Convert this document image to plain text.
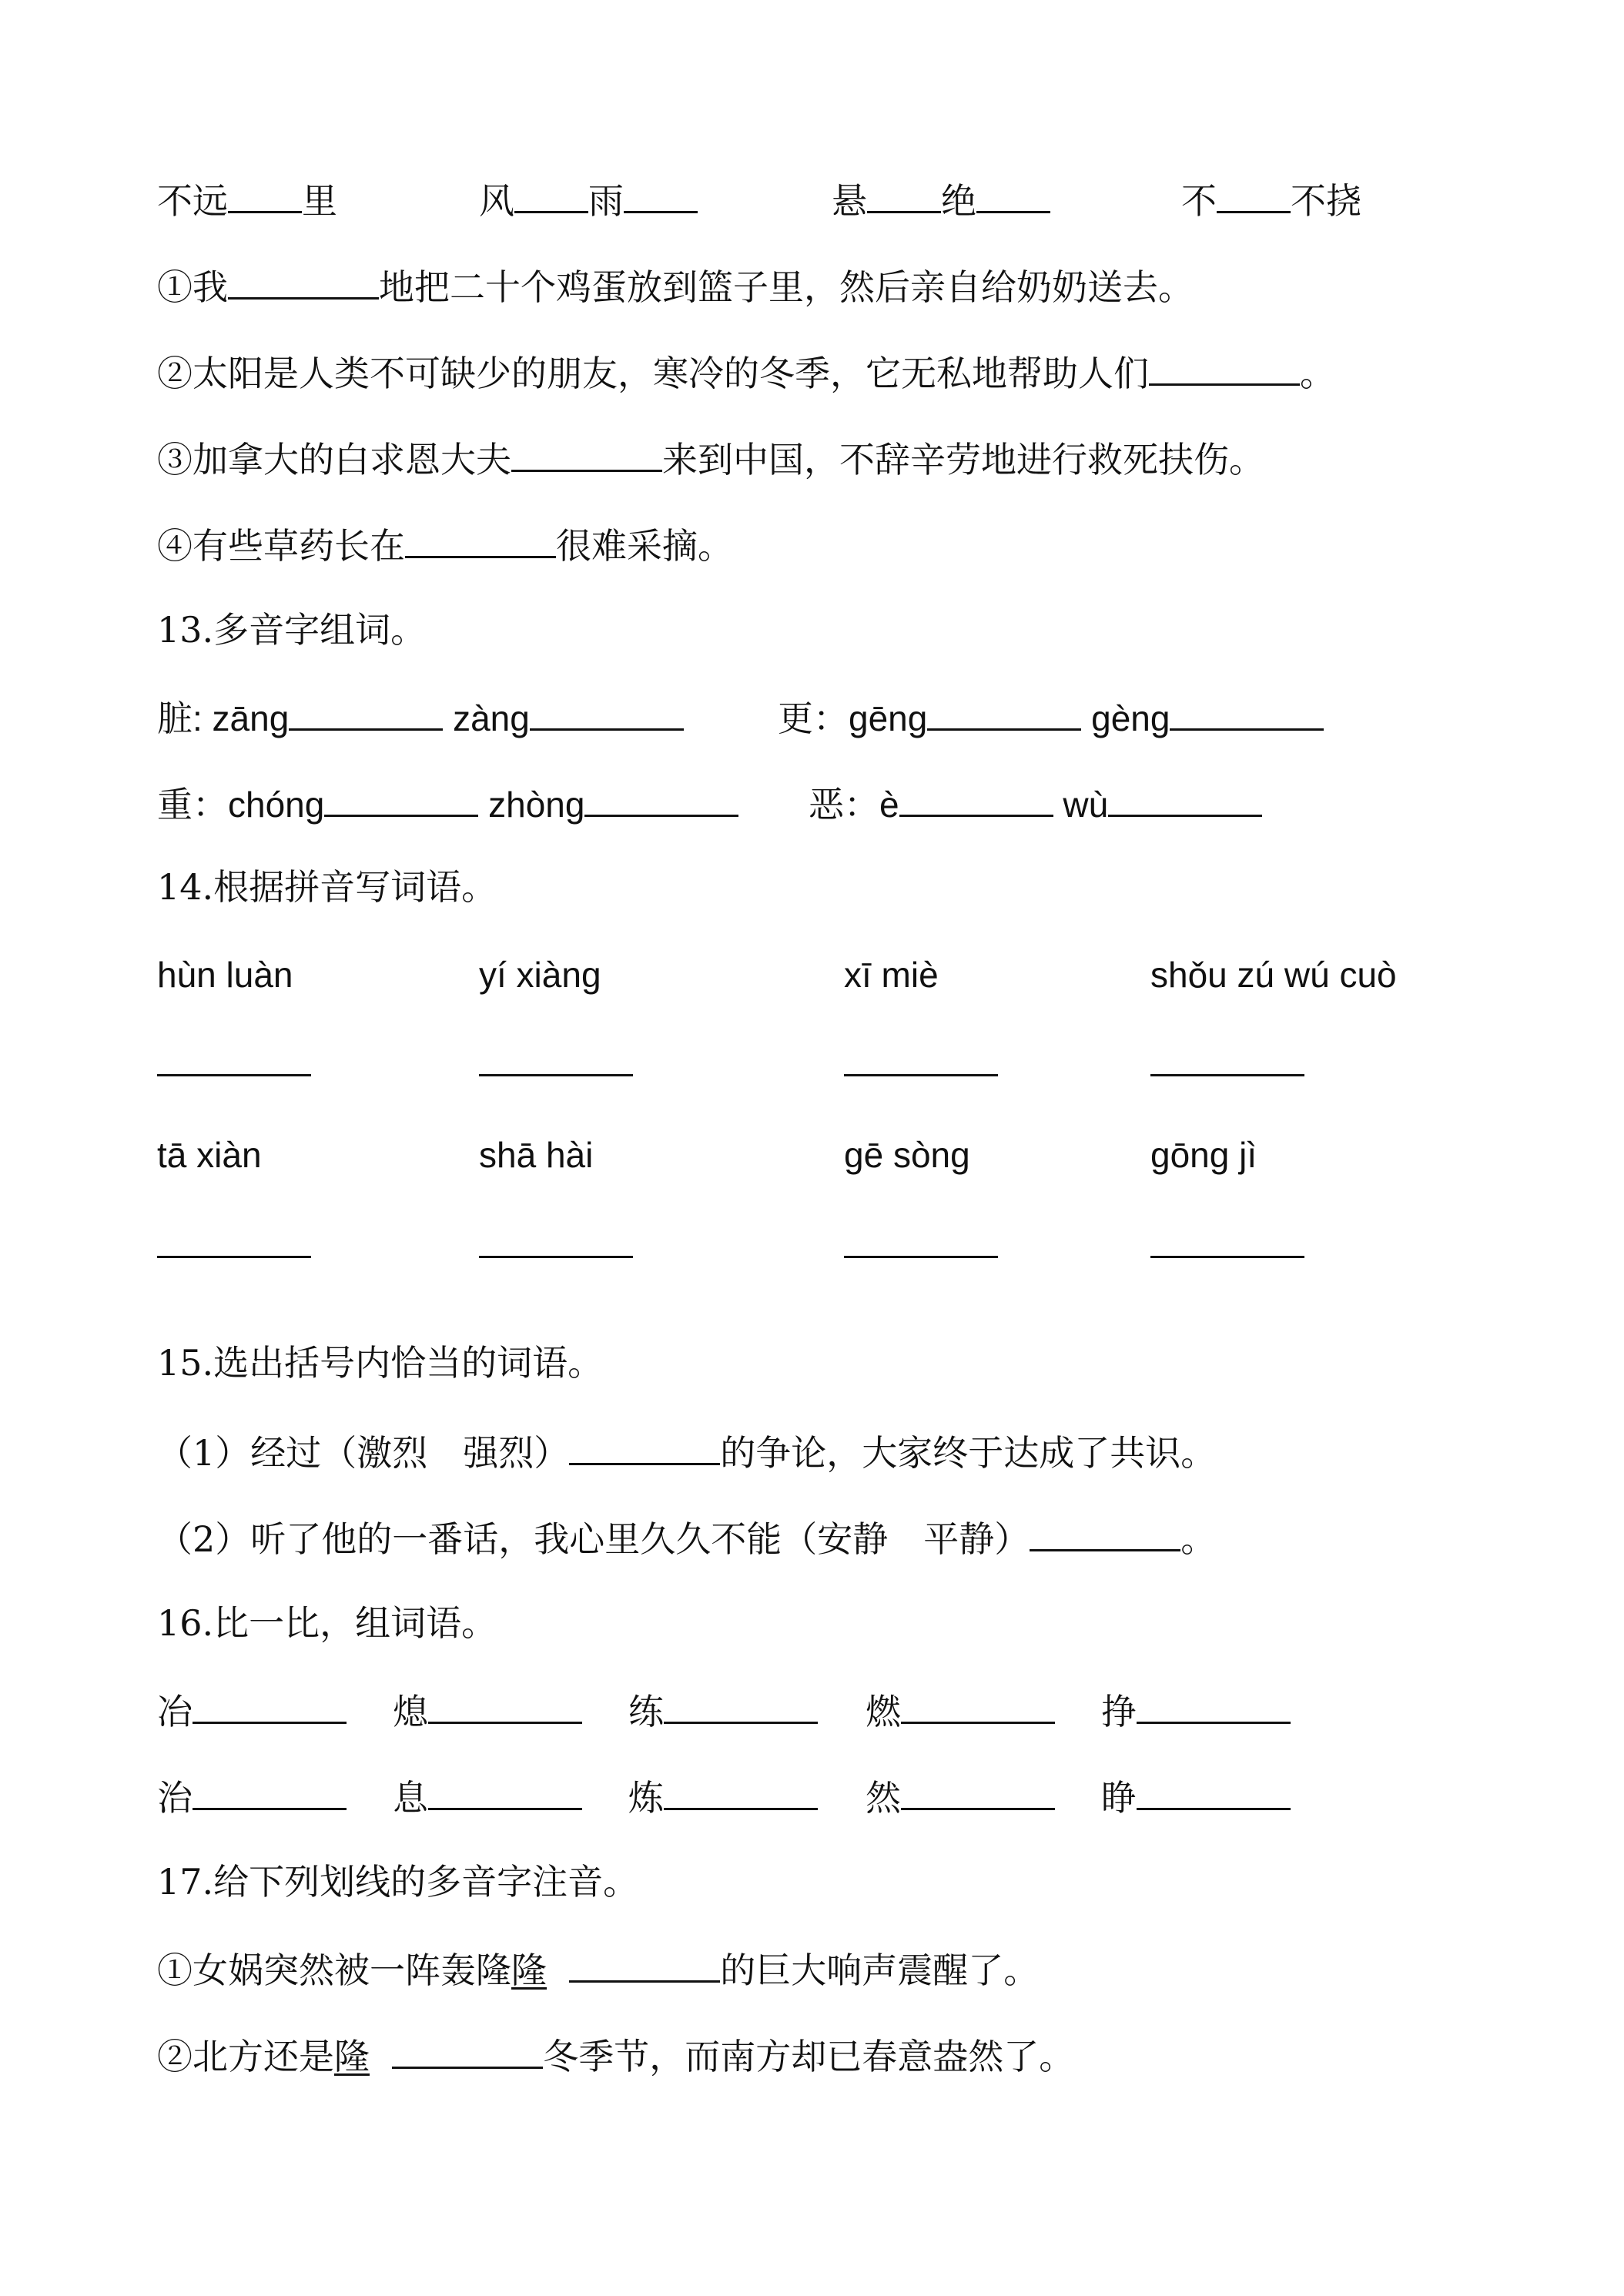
不远 里	风 雨	悬 绝	不 不挠
①我	地把二十个鸡蛋放到篮子里，然后亲自给奶奶送去。
②太阳是人类不可缺少的朋友，寒冷的冬季，它无私地帮助人们	。
③加拿大的白求恩大夫	来到中国，不辞辛劳地进行救死扶伤。
④有些草药长在	很难采摘。
13.多音字组词。
脏: zāng	zàng	更：gēng	gèng
重：chóng	zhòng	恶：è	wù
14.根据拼音写词语。
hùn luàn	yí xiàng	xī miè	shǒu zú wú cuò
tā xiàn	shā hài	gē sòng	gōng jì
15.选出括号内恰当的词语。
（1）经过（激烈　强烈）	的争论，大家终于达成了共识。
（2）听了他的一番话，我心里久久不能（安静　平静）	。
16.比一比，组词语。
冶	熄	练	燃	挣
治	息	炼	然	睁
17.给下列划线的多音字注音。
①女娲突然被一阵轰隆隆	的巨大响声震醒了。
②北方还是隆	冬季节，而南方却已春意盎然了。
